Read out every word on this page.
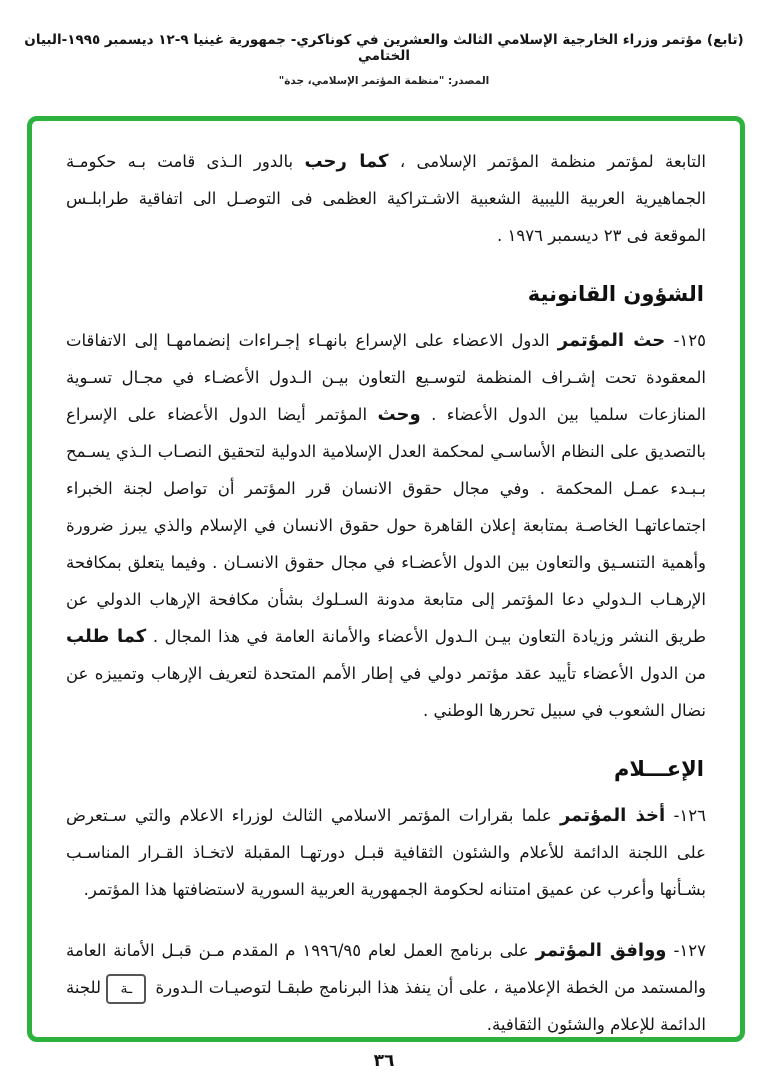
(تابع) مؤتمر وزراء الخارجية الإسلامي الثالث والعشرين في كوناكري- جمهورية غينيا ٩-١٢ ديسمبر ١٩٩٥-البيان الختامي
المصدر: "منظمة المؤتمر الإسلامي، جدة"

التابعة لمؤتمر منظمة المؤتمر الإسلامى ، كما رحب بالدور الـذى قامت بـه حكومـة الجماهيرية العربية الليبية الشعبية الاشـتراكية العظمى فى التوصـل الى اتفاقية طرابلـس الموقعة فى ٢٣ ديسمبر ١٩٧٦ .

الشؤون القانونية

١٢٥- حث المؤتمر الدول الاعضاء على الإسراع بانهـاء إجـراءات إنضمامهـا إلى الاتفاقات المعقودة تحت إشـراف المنظمة لتوسـيع التعاون بيـن الـدول الأعضـاء في مجـال تسـوية المنازعات سلميا بين الدول الأعضاء . وحث المؤتمر أيضا الدول الأعضاء على الإسراع بالتصديق على النظام الأساسـي لمحكمة العدل الإسلامية الدولية لتحقيق النصـاب الـذي يسـمح بـبـدء عمـل المحكمة . وفي مجال حقوق الانسان قرر المؤتمر أن تواصل لجنة الخبراء اجتماعاتهـا الخاصـة بمتابعة إعلان القاهرة حول حقوق الانسان في الإسلام والذي يبرز ضرورة وأهمية التنسـيق والتعاون بين الدول الأعضـاء في مجال حقوق الانسـان . وفيما يتعلق بمكافحة الإرهـاب الـدولي دعا المؤتمر إلى متابعة مدونة السـلوك بشأن مكافحة الإرهاب الدولي عن طريق النشر وزيادة التعاون بيـن الـدول الأعضاء والأمانة العامة في هذا المجال . كما طلب من الدول الأعضاء تأييد عقد مؤتمر دولي في إطار الأمم المتحدة لتعريف الإرهاب وتمييزه عن نضال الشعوب في سبيل تحررها الوطني .

الإعـــلام

١٢٦- أخذ المؤتمر علما بقرارات المؤتمر الاسلامي الثالث لوزراء الاعلام والتي سـتعرض على اللجنة الدائمة للأعلام والشئون الثقافية قبـل دورتهـا المقبلة لاتخـاذ القـرار المناسـب بشـأنها وأعرب عن عميق امتنانه لحكومة الجمهورية العربية السورية لاستضافتها هذا المؤتمر.

١٢٧- ووافق المؤتمر على برنامج العمل لعام ١٩٩٦/٩٥ م المقدم مـن قبـل الأمانة العامة والمستمد من الخطة الإعلامية ، على أن ينفذ هذا البرنامج طبقـا لتوصيـات الـدورة ـة للجنة الدائمة للإعلام والشئون الثقافية.

٣٦
